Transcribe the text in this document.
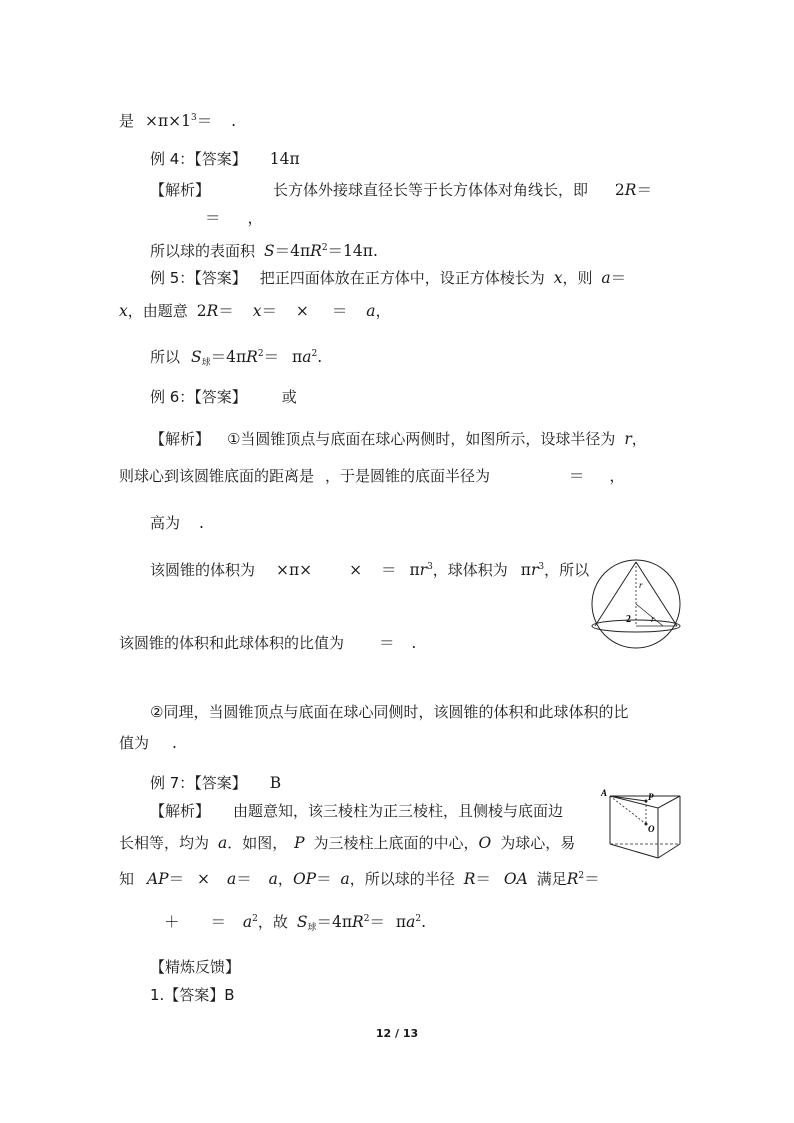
是 $\times\pi\times 1^3=$ .
例 4：【答案】 14π
【解析】	长方体外接球直径长等于长方体体对角线长，即 2R＝
＝ ，
所以球的表面积 $S=4\pi R^2=14\pi$.
例 5：【答案】 把正四面体放在正方体中，设正方体棱长为 x，则 a＝
x，由题意 2R＝ x＝ × ＝ a，
所以 $S_球=4\pi R^2= \pi a^2$.
例 6：【答案】 或
【解析】 ①当圆锥顶点与底面在球心两侧时，如图所示，设球半径为 r，
则球心到该圆锥底面的距离是 ，于是圆锥的底面半径为	＝ ，
高为 .
该圆锥的体积为 ×π× × ＝ $\pi r^3$，球体积为 $\pi r^3$，所以
该圆锥的体积和此球体积的比值为 ＝ .
r
2 r
②同理，当圆锥顶点与底面在球心同侧时，该圆锥的体积和此球体积的比
值为 .
例 7：【答案】 B
【解析】 由题意知，该三棱柱为正三棱柱，且侧棱与底面边
长相等，均为 a．如图， P 为三棱柱上底面的中心，O 为球心，易
知 AP＝ × a＝ a，OP＝ a，所以球的半径 R＝ OA 满足$R^2=$
＋ ＝ $a^2$，故 $S_球=4\pi R^2= \pi a^2$.
A	P
O
【精炼反馈】
1.【答案】B
12 / 13
